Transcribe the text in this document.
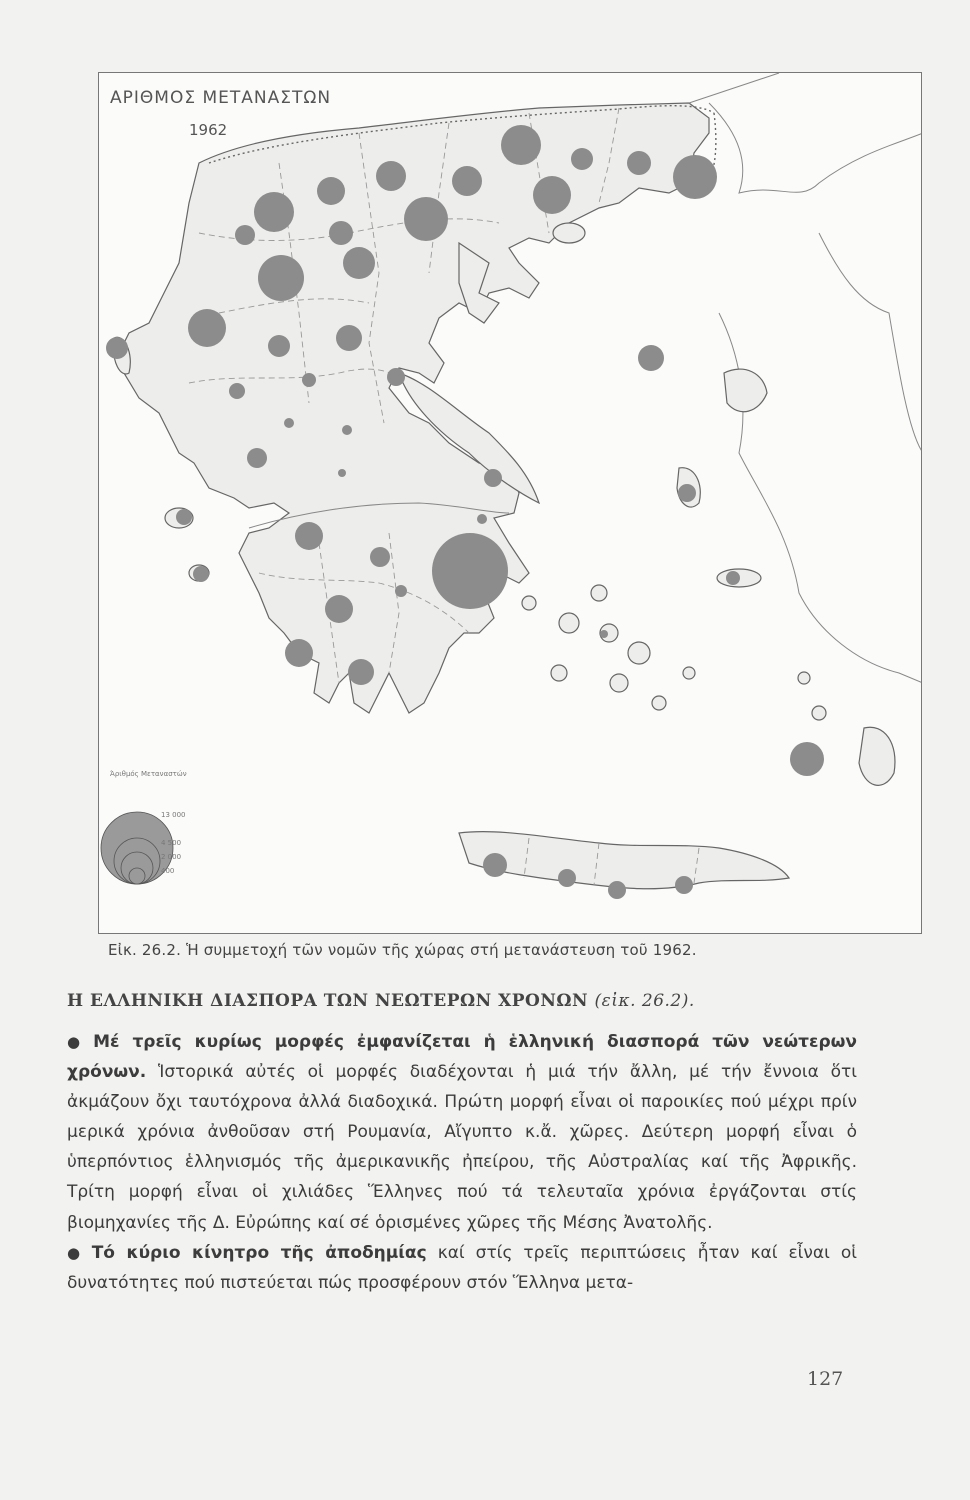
ΑΡΙΘΜΟΣ ΜΕΤΑΝΑΣΤΩΝ
1962
Άριθμός Μεταναστών
13 000
4 500
2 000
400
Εἰκ. 26.2. Ἡ συμμετοχή τῶν νομῶν τῆς χώρας στή μετανάστευση τοῦ 1962.
Η ΕΛΛΗΝΙΚΗ ΔΙΑΣΠΟΡΑ ΤΩΝ ΝΕΩΤΕΡΩΝ ΧΡΟΝΩΝ (εἰκ. 26.2).

● Μέ τρεῖς κυρίως μορφές ἐμφανίζεται ἡ ἑλληνική διασπορά τῶν νεώτερων χρόνων. Ἱστορικά αὐτές οἱ μορφές διαδέχονται ἡ μιά τήν ἄλλη, μέ τήν ἔννοια ὅτι ἀκμάζουν ὄχι ταυτόχρονα ἀλλά διαδοχικά. Πρώτη μορφή εἶναι οἱ παροικίες πού μέχρι πρίν μερικά χρόνια ἀνθοῦσαν στή Ρουμανία, Αἴγυπτο κ.ἄ. χῶρες. Δεύτερη μορφή εἶναι ὁ ὑπερπόντιος ἑλληνισμός τῆς ἀμερικανικῆς ἠπείρου, τῆς Αὐστραλίας καί τῆς Ἀφρικῆς. Τρίτη μορφή εἶναι οἱ χιλιάδες Ἕλληνες πού τά τελευταῖα χρόνια ἐργάζονται στίς βιομηχανίες τῆς Δ. Εὐρώπης καί σέ ὁρισμένες χῶρες τῆς Μέσης Ἀνατολῆς.

● Τό κύριο κίνητρο τῆς ἀποδημίας καί στίς τρεῖς περιπτώσεις ἦταν καί εἶναι οἱ δυνατότητες πού πιστεύεται πώς προσφέρουν στόν Ἕλληνα μετα-

127
